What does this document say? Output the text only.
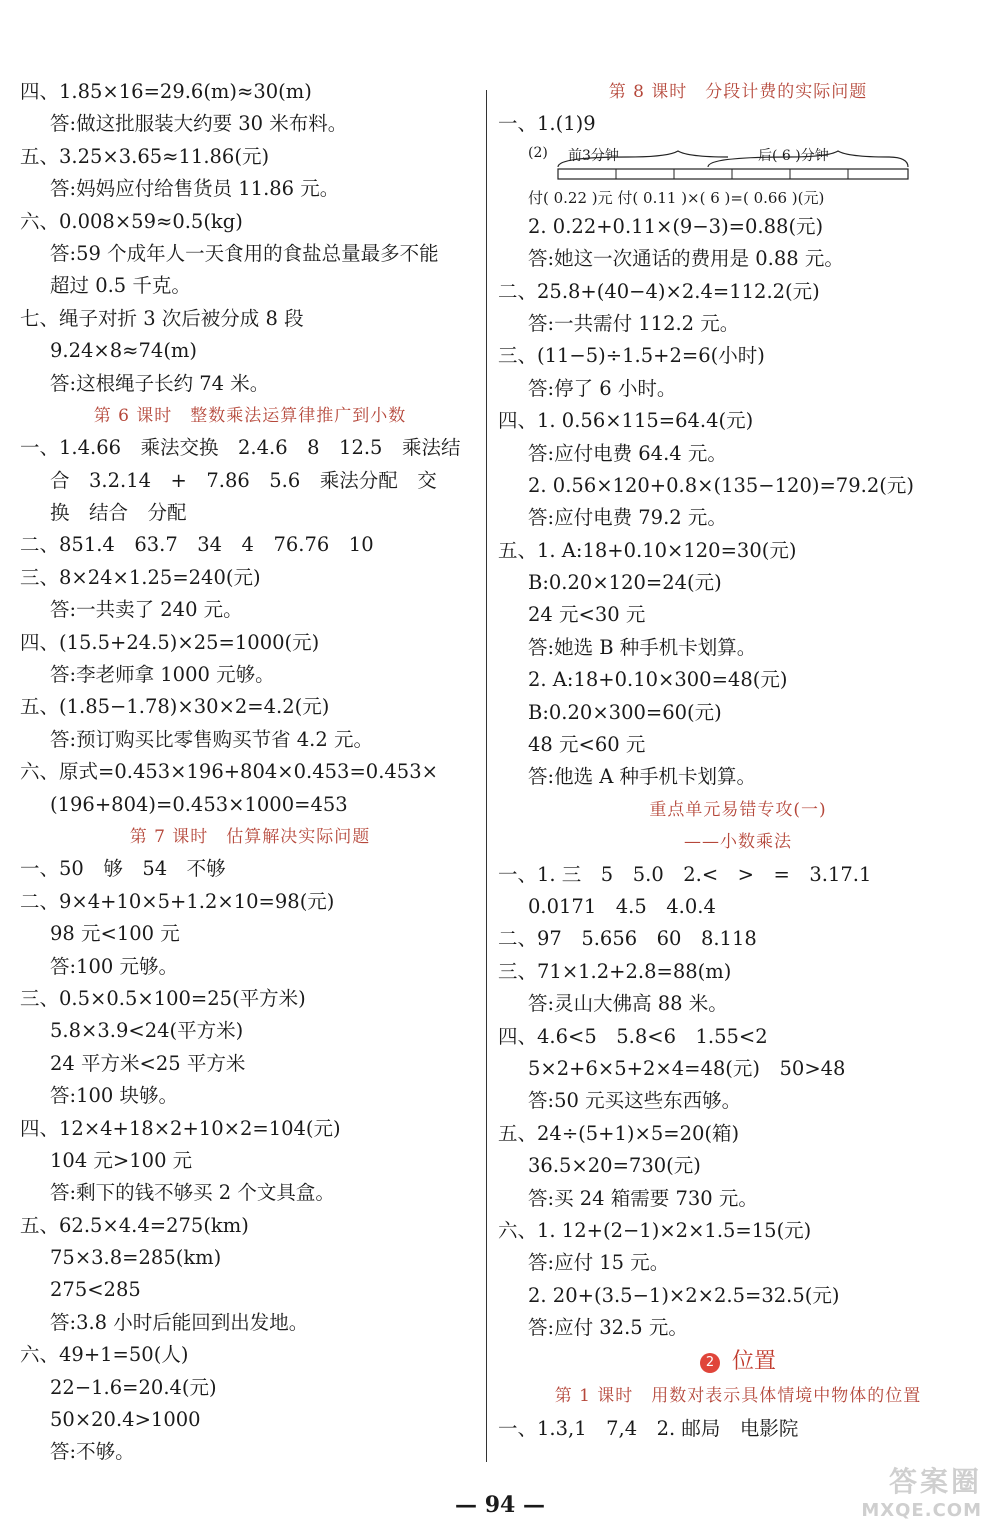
四、1.85×16=29.6(m)≈30(m)
答:做这批服装大约要 30 米布料。
五、3.25×3.65≈11.86(元)
答:妈妈应付给售货员 11.86 元。
六、0.008×59≈0.5(kg)
答:59 个成年人一天食用的食盐总量最多不能
超过 0.5 千克。
七、绳子对折 3 次后被分成 8 段
9.24×8≈74(m)
答:这根绳子长约 74 米。
第 6 课时　整数乘法运算律推广到小数
一、1.4.66　乘法交换　2.4.6　8　12.5　乘法结
合　3.2.14　+　7.86　5.6　乘法分配　交
换　结合　分配
二、851.4　63.7　34　4　76.76　10
三、8×24×1.25=240(元)
答:一共卖了 240 元。
四、(15.5+24.5)×25=1000(元)
答:李老师拿 1000 元够。
五、(1.85−1.78)×30×2=4.2(元)
答:预订购买比零售购买节省 4.2 元。
六、原式=0.453×196+804×0.453=0.453×
(196+804)=0.453×1000=453
第 7 课时　估算解决实际问题
一、50　够　54　不够
二、9×4+10×5+1.2×10=98(元)
98 元<100 元
答:100 元够。
三、0.5×0.5×100=25(平方米)
5.8×3.9<24(平方米)
24 平方米<25 平方米
答:100 块够。
四、12×4+18×2+10×2=104(元)
104 元>100 元
答:剩下的钱不够买 2 个文具盒。
五、62.5×4.4=275(km)
75×3.8=285(km)
275<285
答:3.8 小时后能回到出发地。
六、49+1=50(人)
22−1.6=20.4(元)
50×20.4>1000
答:不够。
第 8 课时　分段计费的实际问题
一、1.(1)9
(2) 前3分钟	后( 6 )分钟
付( 0.22 )元 付( 0.11 )×( 6 )=( 0.66 )(元)
2. 0.22+0.11×(9−3)=0.88(元)
答:她这一次通话的费用是 0.88 元。
二、25.8+(40−4)×2.4=112.2(元)
答:一共需付 112.2 元。
三、(11−5)÷1.5+2=6(小时)
答:停了 6 小时。
四、1. 0.56×115=64.4(元)
答:应付电费 64.4 元。
2. 0.56×120+0.8×(135−120)=79.2(元)
答:应付电费 79.2 元。
五、1. A:18+0.10×120=30(元)
B:0.20×120=24(元)
24 元<30 元
答:她选 B 种手机卡划算。
2. A:18+0.10×300=48(元)
B:0.20×300=60(元)
48 元<60 元
答:他选 A 种手机卡划算。
重点单元易错专攻(一)
——小数乘法
一、1. 三　5　5.0　2.<　>　=　3.17.1
0.0171　4.5　4.0.4
二、97　5.656　60　8.118
三、71×1.2+2.8=88(m)
答:灵山大佛高 88 米。
四、4.6<5　5.8<6　1.55<2
5×2+6×5+2×4=48(元)　50>48
答:50 元买这些东西够。
五、24÷(5+1)×5=20(箱)
36.5×20=730(元)
答:买 24 箱需要 730 元。
六、1. 12+(2−1)×2×1.5=15(元)
答:应付 15 元。
2. 20+(3.5−1)×2×2.5=32.5(元)
答:应付 32.5 元。
2 位置
第 1 课时　用数对表示具体情境中物体的位置
一、1.3,1　7,4　2. 邮局　电影院
— 94 —
答案圈
MXQE.COM
